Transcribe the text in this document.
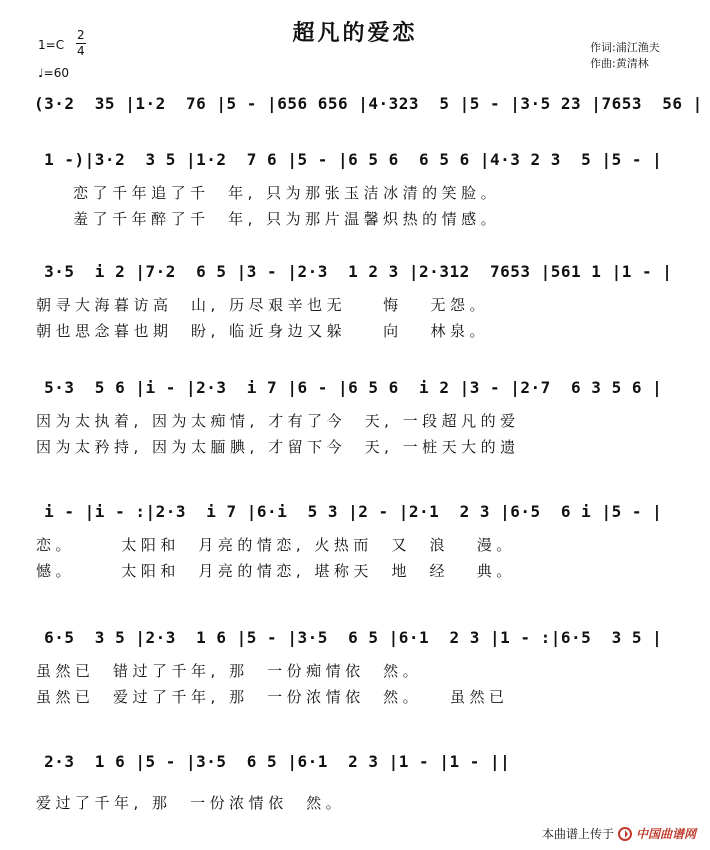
超凡的爱恋
1=C
2
4
♩=60
作词:浦江渔夫
作曲:黄清林
(3·2  35 |1·2  76 |5 - |656 656 |4·323  5 |5 - |3·5 23 |7653  56 |
1 -)|3·2  3 5 |1·2  7 6 |5 - |6 5 6  6 5 6 |4·3 2 3  5 |5 - |
恋了千年追了千  年, 只为那张玉洁冰清的笑脸。
羞了千年醉了千  年, 只为那片温馨炽热的情感。
3·5  i 2 |7·2  6 5 |3 - |2·3  1 2 3 |2·312  7653 |561 1 |1 - |
朝寻大海暮访高  山, 历尽艰辛也无    悔   无怨。
朝也思念暮也期  盼, 临近身边又躲    向   林泉。
5·3  5 6 |i - |2·3  i 7 |6 - |6 5 6  i 2 |3 - |2·7  6 3 5 6 |
因为太执着, 因为太痴情, 才有了今  天, 一段超凡的爱
因为太矜持, 因为太腼腆, 才留下今  天, 一桩天大的遗
i - |i - :|2·3  i 7 |6·i  5 3 |2 - |2·1  2 3 |6·5  6 i |5 - |
恋。     太阳和  月亮的情恋, 火热而  又  浪   漫。
憾。     太阳和  月亮的情恋, 堪称天  地  经   典。
6·5  3 5 |2·3  1 6 |5 - |3·5  6 5 |6·1  2 3 |1 - :|6·5  3 5 |
虽然已  错过了千年, 那  一份痴情依  然。
虽然已  爱过了千年, 那  一份浓情依  然。   虽然已
2·3  1 6 |5 - |3·5  6 5 |6·1  2 3 |1 - |1 - ||
爱过了千年, 那  一份浓情依  然。
本曲谱上传于 中国曲谱网
